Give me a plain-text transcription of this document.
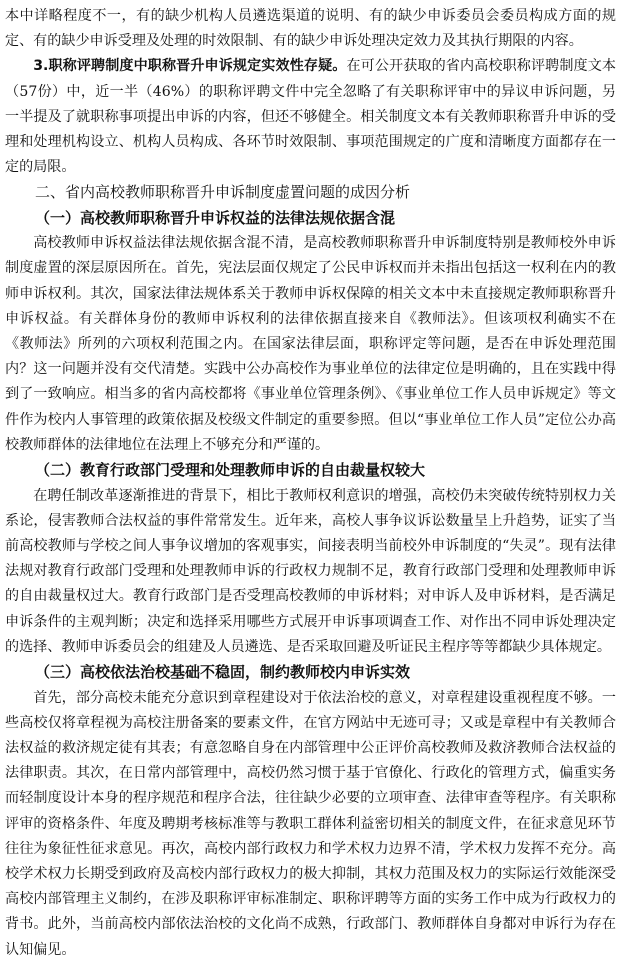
本中详略程度不一，有的缺少机构人员遴选渠道的说明、有的缺少申诉委员会委员构成方面的规定、有的缺少申诉受理及处理的时效限制、有的缺少申诉处理决定效力及其执行期限的内容。

3.职称评聘制度中职称晋升申诉规定实效性存疑。在可公开获取的省内高校职称评聘制度文本（57份）中，近一半（46%）的职称评聘文件中完全忽略了有关职称评审中的异议申诉问题，另一半提及了就职称事项提出申诉的内容，但还不够健全。相关制度文本有关教师职称晋升申诉的受理和处理机构设立、机构人员构成、各环节时效限制、事项范围规定的广度和清晰度方面都存在一定的局限。

二、省内高校教师职称晋升申诉制度虚置问题的成因分析

（一）高校教师职称晋升申诉权益的法律法规依据含混

高校教师申诉权益法律法规依据含混不清，是高校教师职称晋升申诉制度特别是教师校外申诉制度虚置的深层原因所在。首先，宪法层面仅规定了公民申诉权而并未指出包括这一权利在内的教师申诉权利。其次，国家法律法规体系关于教师申诉权保障的相关文本中未直接规定教师职称晋升申诉权益。有关群体身份的教师申诉权利的法律依据直接来自《教师法》。但该项权利确实不在《教师法》所列的六项权利范围之内。在国家法律层面，职称评定等问题，是否在申诉处理范围内？这一问题并没有交代清楚。实践中公办高校作为事业单位的法律定位是明确的，且在实践中得到了一致响应。相当多的省内高校都将《事业单位管理条例》、《事业单位工作人员申诉规定》等文件作为校内人事管理的政策依据及校级文件制定的重要参照。但以“事业单位工作人员”定位公办高校教师群体的法律地位在法理上不够充分和严谨的。

（二）教育行政部门受理和处理教师申诉的自由裁量权较大

在聘任制改革逐渐推进的背景下，相比于教师权利意识的增强，高校仍未突破传统特别权力关系论，侵害教师合法权益的事件常常发生。近年来，高校人事争议诉讼数量呈上升趋势，证实了当前高校教师与学校之间人事争议增加的客观事实，间接表明当前校外申诉制度的“失灵”。现有法律法规对教育行政部门受理和处理教师申诉的行政权力规制不足，教育行政部门受理和处理教师申诉的自由裁量权过大。教育行政部门是否受理高校教师的申诉材料；对申诉人及申诉材料，是否满足申诉条件的主观判断；决定和选择采用哪些方式展开申诉事项调查工作、对作出不同申诉处理决定的选择、教师申诉委员会的组建及人员遴选、是否采取回避及听证民主程序等等都缺少具体规定。

（三）高校依法治校基础不稳固，制约教师校内申诉实效

首先，部分高校未能充分意识到章程建设对于依法治校的意义，对章程建设重视程度不够。一些高校仅将章程视为高校注册备案的要素文件，在官方网站中无迹可寻；又或是章程中有关教师合法权益的救济规定徒有其表；有意忽略自身在内部管理中公正评价高校教师及救济教师合法权益的法律职责。其次，在日常内部管理中，高校仍然习惯于基于官僚化、行政化的管理方式，偏重实务而轻制度设计本身的程序规范和程序合法，往往缺少必要的立项审查、法律审查等程序。有关职称评审的资格条件、年度及聘期考核标准等与教职工群体利益密切相关的制度文件，在征求意见环节往往为象征性征求意见。再次，高校内部行政权力和学术权力边界不清，学术权力发挥不充分。高校学术权力长期受到政府及高校内部行政权力的极大抑制，其权力范围及权力的实际运行效能深受高校内部管理主义制约，在涉及职称评审标准制定、职称评聘等方面的实务工作中成为行政权力的背书。此外，当前高校内部依法治校的文化尚不成熟，行政部门、教师群体自身都对申诉行为存在认知偏见。
